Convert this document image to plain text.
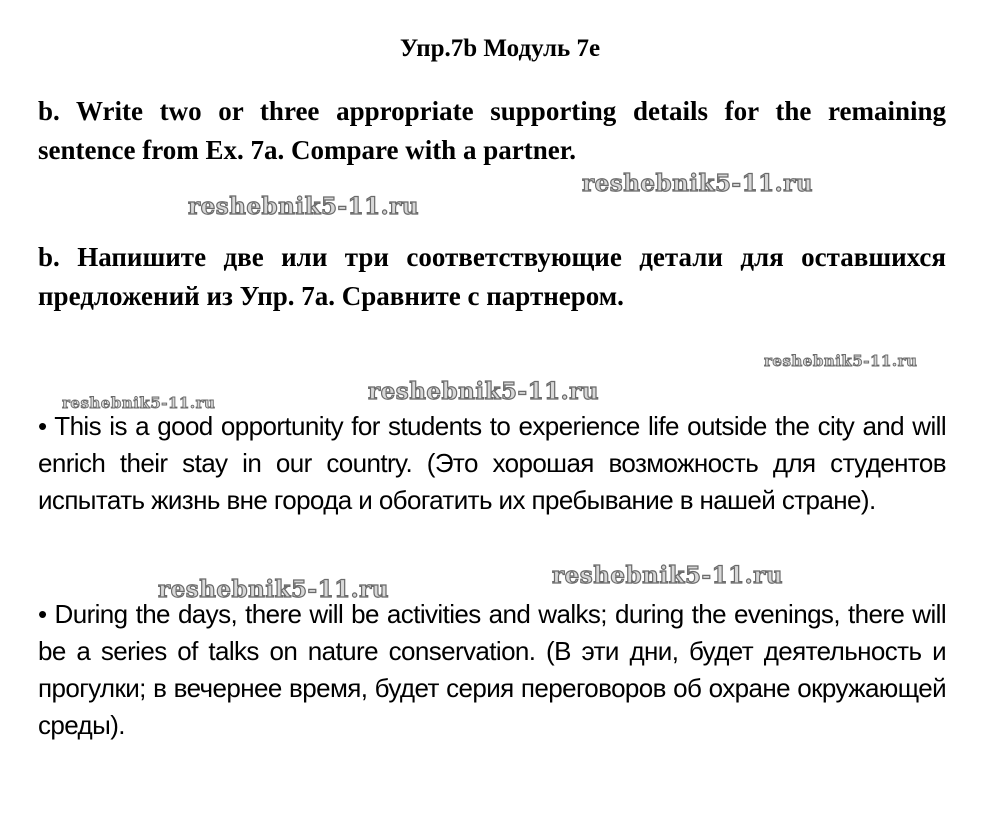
Упр.7b Модуль 7e
b. Write two or three appropriate supporting details for the remaining sentence from Ex. 7a. Compare with a partner.
b. Напишите две или три соответствующие детали для оставшихся предложений из Упр. 7a. Сравните с партнером.
• This is a good opportunity for students to experience life outside the city and will enrich their stay in our country. (Это хорошая возможность для студентов испытать жизнь вне города и обогатить их пребывание в нашей стране).
• During the days, there will be activities and walks; during the evenings, there will be a series of talks on nature conservation. (В эти дни, будет деятельность и прогулки; в вечернее время, будет серия переговоров об охране окружающей среды).
reshebnik5-11.ru
reshebnik5-11.ru
reshebnik5-11.ru
reshebnik5-11.ru	reshebnik5-11.ru
reshebnik5-11.ru
reshebnik5-11.ru
